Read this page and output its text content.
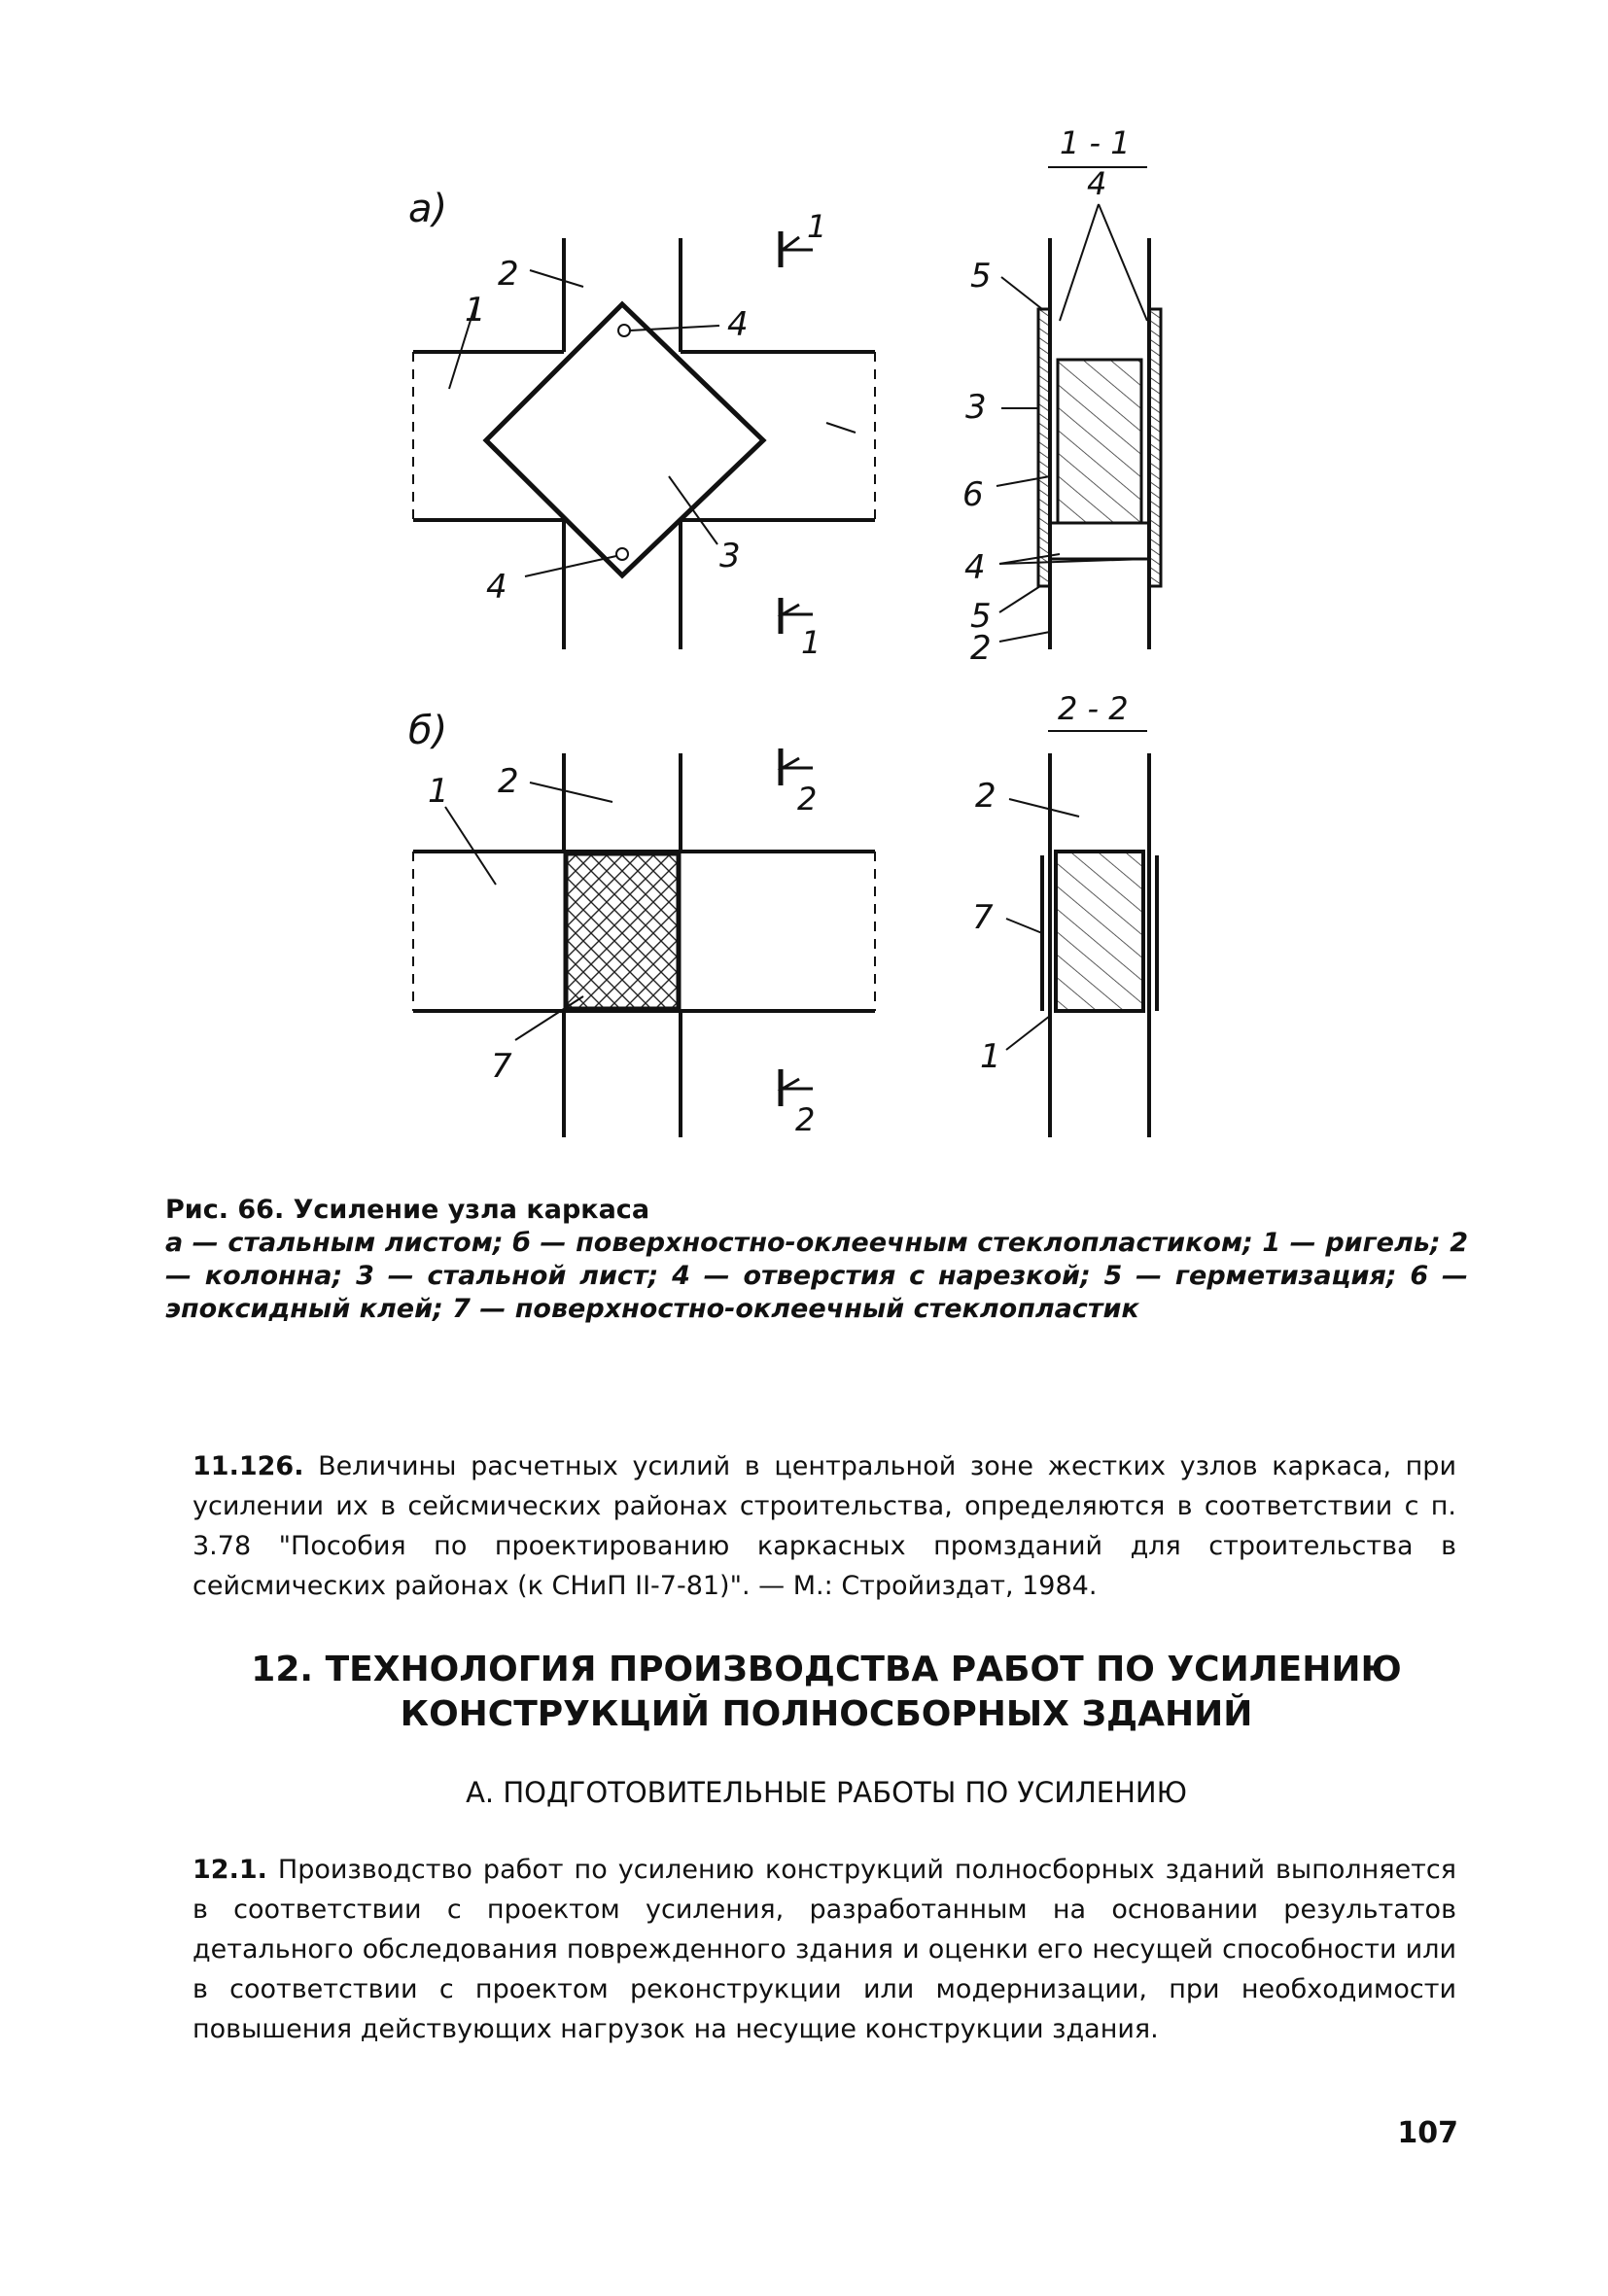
а)
2
1	4
3
4
1
1
1 - 1
4
5
3
6
4
5
2
б)
1 2
7
2
2
2 - 2
2
7
1
Рис. 66. Усиление узла каркаса
а — стальным листом; б — поверхностно-оклеечным стеклопластиком; 1 — ригель; 2 — колонна; 3 — стальной лист; 4 — отверстия с нарезкой; 5 — герметизация; 6 — эпоксидный клей; 7 — поверхностно-оклеечный стеклопластик
11.126. Величины расчетных усилий в центральной зоне жестких узлов каркаса, при усилении их в сейсмических районах строительства, определяются в соответствии с п. 3.78 "Пособия по проектированию каркасных промзданий для строительства в сейсмических районах (к СНиП II-7-81)". — М.: Стройиздат, 1984.
12. ТЕХНОЛОГИЯ ПРОИЗВОДСТВА РАБОТ ПО УСИЛЕНИЮ
КОНСТРУКЦИЙ ПОЛНОСБОРНЫХ ЗДАНИЙ
А. ПОДГОТОВИТЕЛЬНЫЕ РАБОТЫ ПО УСИЛЕНИЮ
12.1. Производство работ по усилению конструкций полносборных зданий выполняется в соответствии с проектом усиления, разработанным на основании результатов детального обследования поврежденного здания и оценки его несущей способности или в соответствии с проектом реконструкции или модернизации, при необходимости повышения действующих нагрузок на несущие конструкции здания.
107
